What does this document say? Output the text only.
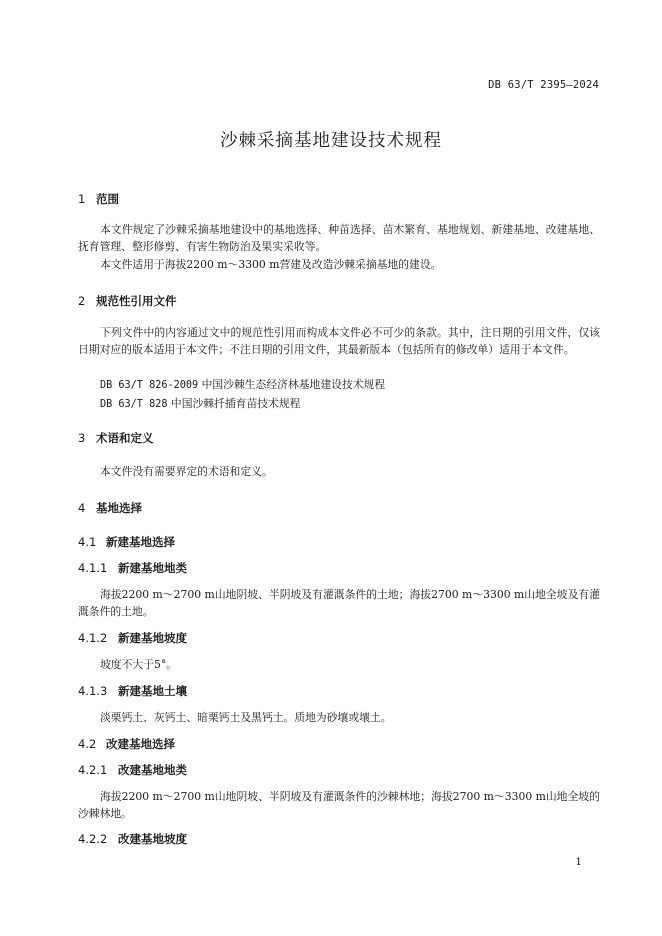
DB 63/T 2395—2024
沙棘采摘基地建设技术规程
1 范围
本文件规定了沙棘采摘基地建设中的基地选择、种苗选择、苗木繁育、基地规划、新建基地、改建基地、抚育管理、整形修剪、有害生物防治及果实采收等。
本文件适用于海拔2200 m～3300 m营建及改造沙棘采摘基地的建设。
2 规范性引用文件
下列文件中的内容通过文中的规范性引用而构成本文件必不可少的条款。其中，注日期的引用文件，仅该日期对应的版本适用于本文件；不注日期的引用文件，其最新版本（包括所有的修改单）适用于本文件。
DB 63/T 826-2009 中国沙棘生态经济林基地建设技术规程
DB 63/T 828 中国沙棘扦插育苗技术规程
3 术语和定义
本文件没有需要界定的术语和定义。
4 基地选择
4.1 新建基地选择
4.1.1 新建基地地类
海拔2200 m～2700 m山地阴坡、半阴坡及有灌溉条件的土地；海拔2700 m～3300 m山地全坡及有灌溉条件的土地。
4.1.2 新建基地坡度
坡度不大于5°。
4.1.3 新建基地土壤
淡栗钙土、灰钙土、暗栗钙土及黑钙土。质地为砂壤或壤土。
4.2 改建基地选择
4.2.1 改建基地地类
海拔2200 m～2700 m山地阴坡、半阴坡及有灌溉条件的沙棘林地；海拔2700 m～3300 m山地全坡的沙棘林地。
4.2.2 改建基地坡度
1
